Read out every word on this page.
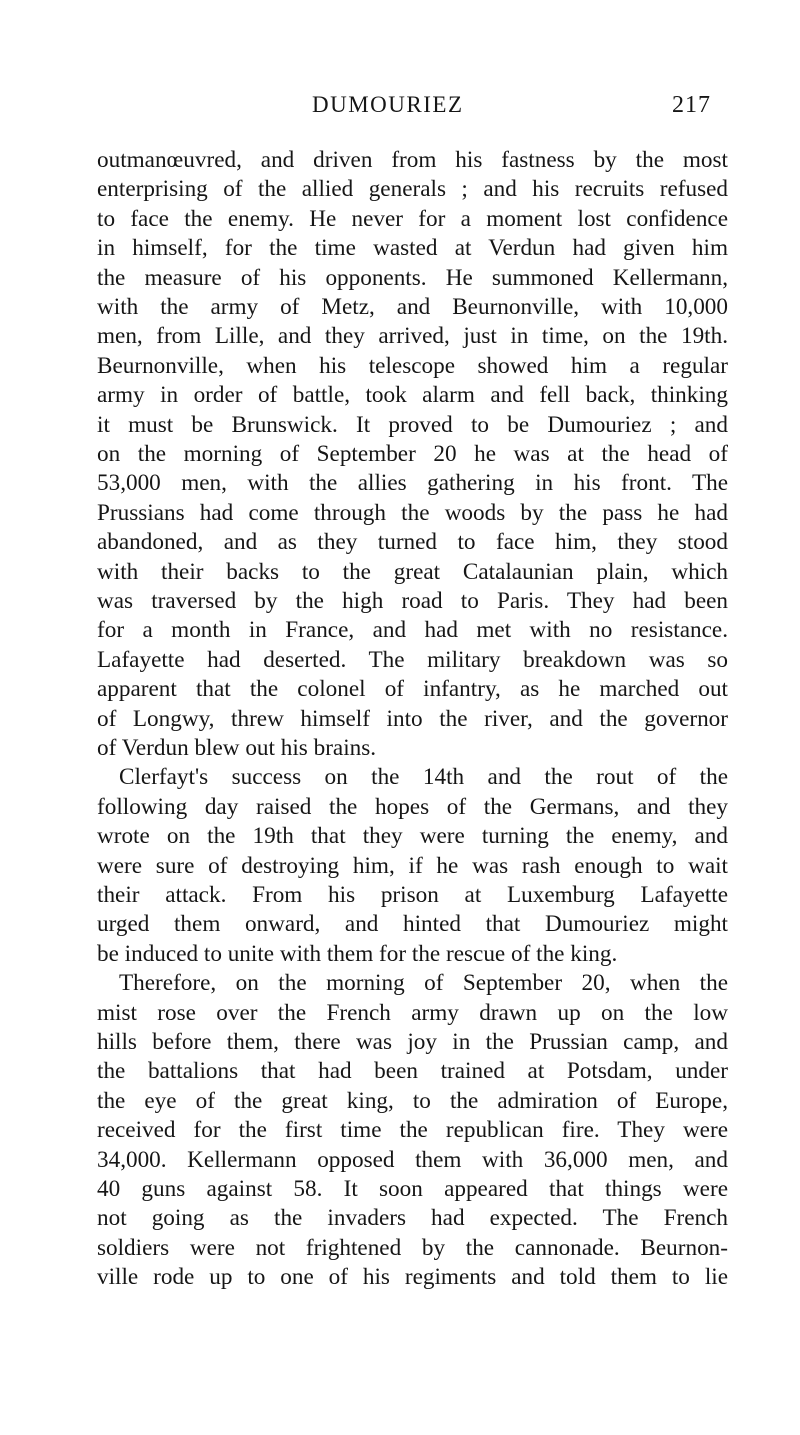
DUMOURIEZ	217
outmanœuvred, and driven from his fastness by the most
enterprising of the allied generals ; and his recruits refused
to face the enemy. He never for a moment lost confidence
in himself, for the time wasted at Verdun had given him
the measure of his opponents. He summoned Kellermann,
with the army of Metz, and Beurnonville, with 10,000
men, from Lille, and they arrived, just in time, on the 19th.
Beurnonville, when his telescope showed him a regular
army in order of battle, took alarm and fell back, thinking
it must be Brunswick. It proved to be Dumouriez ; and
on the morning of September 20 he was at the head of
53,000 men, with the allies gathering in his front. The
Prussians had come through the woods by the pass he had
abandoned, and as they turned to face him, they stood
with their backs to the great Catalaunian plain, which
was traversed by the high road to Paris. They had been
for a month in France, and had met with no resistance.
Lafayette had deserted. The military breakdown was so
apparent that the colonel of infantry, as he marched out
of Longwy, threw himself into the river, and the governor
of Verdun blew out his brains.
Clerfayt's success on the 14th and the rout of the
following day raised the hopes of the Germans, and they
wrote on the 19th that they were turning the enemy, and
were sure of destroying him, if he was rash enough to wait
their attack. From his prison at Luxemburg Lafayette
urged them onward, and hinted that Dumouriez might
be induced to unite with them for the rescue of the king.
Therefore, on the morning of September 20, when the
mist rose over the French army drawn up on the low
hills before them, there was joy in the Prussian camp, and
the battalions that had been trained at Potsdam, under
the eye of the great king, to the admiration of Europe,
received for the first time the republican fire. They were
34,000. Kellermann opposed them with 36,000 men, and
40 guns against 58. It soon appeared that things were
not going as the invaders had expected. The French
soldiers were not frightened by the cannonade. Beurnon-
ville rode up to one of his regiments and told them to lie
